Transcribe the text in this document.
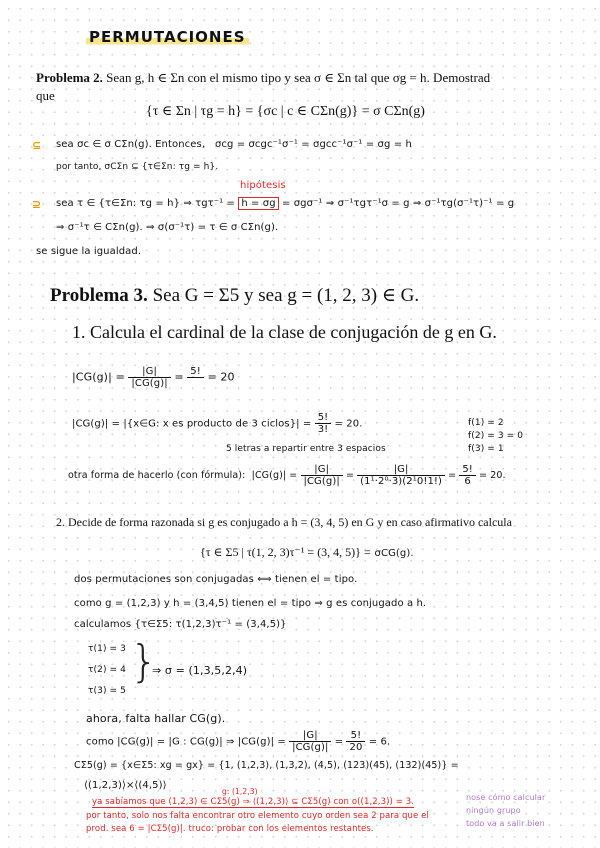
PERMUTACIONES
Problema 2. Sean g, h ∈ Σn con el mismo tipo y sea σ ∈ Σn tal que σg = h. Demostrad
que
{τ ∈ Σn | τg = h} = {σc | c ∈ CΣn(g)} = σ CΣn(g)
⊆ sea σc ∈ σ CΣn(g). Entonces, σcg = σcgc⁻¹σ⁻¹ = σgcc⁻¹σ⁻¹ = σg = h
por tanto, σCΣn ⊆ {τ∈Σn: τg = h}.
hipótesis
⊇ sea τ ∈ {τ∈Σn: τg = h} ⇒ τgτ⁻¹ = h = σg = σgσ⁻¹ ⇒ σ⁻¹τgτ⁻¹σ = g ⇒ σ⁻¹τg(σ⁻¹τ)⁻¹ = g
⇒ σ⁻¹τ ∈ CΣn(g). ⇒ σ(σ⁻¹τ) = τ ∈ σ CΣn(g).
se sigue la igualdad.
Problema 3. Sea G = Σ5 y sea g = (1, 2, 3) ∈ G.
1. Calcula el cardinal de la clase de conjugación de g en G.
$|CG(g)| = \frac{|G|}{|CG(g)|} = 5$!
= 20
|CG(g)| = |{x∈G: x es producto de 3 ciclos}| = $\frac{5!}{3!} = 20$.
5 letras a repartir entre 3 espacios
f(1) = 2
f(2) = 3 = 0
f(3) = 1
otra forma de hacerlo (con fórmula): $|CG(g)| = \frac{|G|}{|CG(g)|} = \frac{|G|}{\text{(1¹·2⁰·3)(2¹0!1!)}} = \frac{5!}{6} = 20$.
2. Decide de forma razonada si g es conjugado a h = (3, 4, 5) en G y en caso afirmativo calcula
{τ ∈ Σ5 | τ(1, 2, 3)τ⁻¹ = (3, 4, 5)} = σCG(g).
dos permutaciones son conjugadas ⟺ tienen el = tipo.
como g = (1,2,3) y h = (3,4,5) tienen el = tipo ⇒ g es conjugado a h.
calculamos {τ∈Σ5: τ(1,2,3)τ⁻¹ = (3,4,5)}
τ(1) = 3
τ(2) = 4
τ(3) = 5
}
⇒ σ = (1,3,5,2,4)
ahora, falta hallar CG(g).
como |CG(g)| = |G : CG(g)| ⇒ $|CG(g)| = \frac{|G|}{|CG(g)|} = \frac{5!}{20} = 6$.
CΣ5(g) = {x∈Σ5: xg = gx} = {1, (1,2,3), (1,3,2), (4,5), (123)(45), (132)(45)} =
⟨(1,2,3)⟩×⟨(4,5)⟩
g: (1,2,3)
ya sabíamos que (1,2,3) ∈ CΣ5(g) ⇒ ⟨(1,2,3)⟩ ⊆ CΣ5(g) con o((1,2,3)) = 3.
por tanto, solo nos falta encontrar otro elemento cuyo orden sea 2 para que el
prod. sea 6 = |CΣ5(g)|. truco: probar con los elementos restantes.
nose cómo calcular
ningún grupo
todo va a salir bien
